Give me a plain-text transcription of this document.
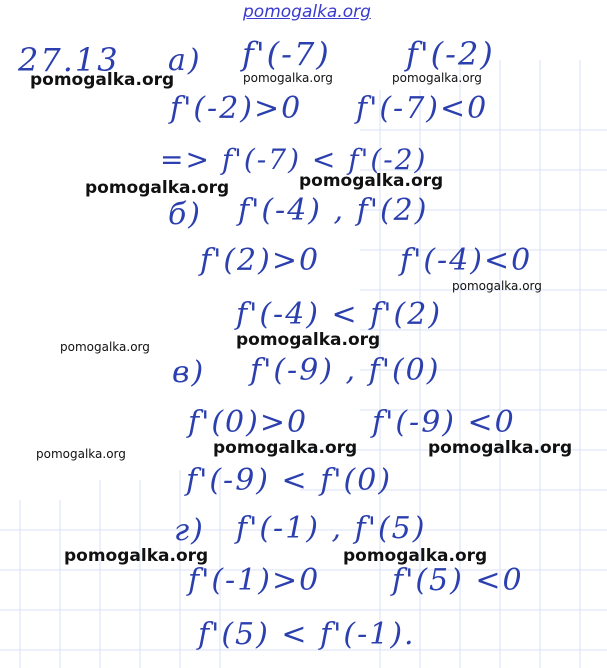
pomogalka.org
27.13 a) f'(-7) f'(-2)
f'(-2)>0 f'(-7)<0
=> f'(-7) < f'(-2)
б) f'(-4) , f'(2)
f'(2)>0	f'(-4)<0
f'(-4) < f'(2)
в) f'(-9) , f'(0)
f'(0)>0 f'(-9) <0
f'(-9) < f'(0)
г) f'(-1) , f'(5)
f'(-1)>0 f'(5) <0
f'(5) < f'(-1).
pomogalka.org	pomogalka.org	pomogalka.org
pomogalka.org	pomogalka.org
pomogalka.org
pomogalka.org	pomogalka.org
pomogalka.org	pomogalka.org	pomogalka.org
pomogalka.org	pomogalka.org
